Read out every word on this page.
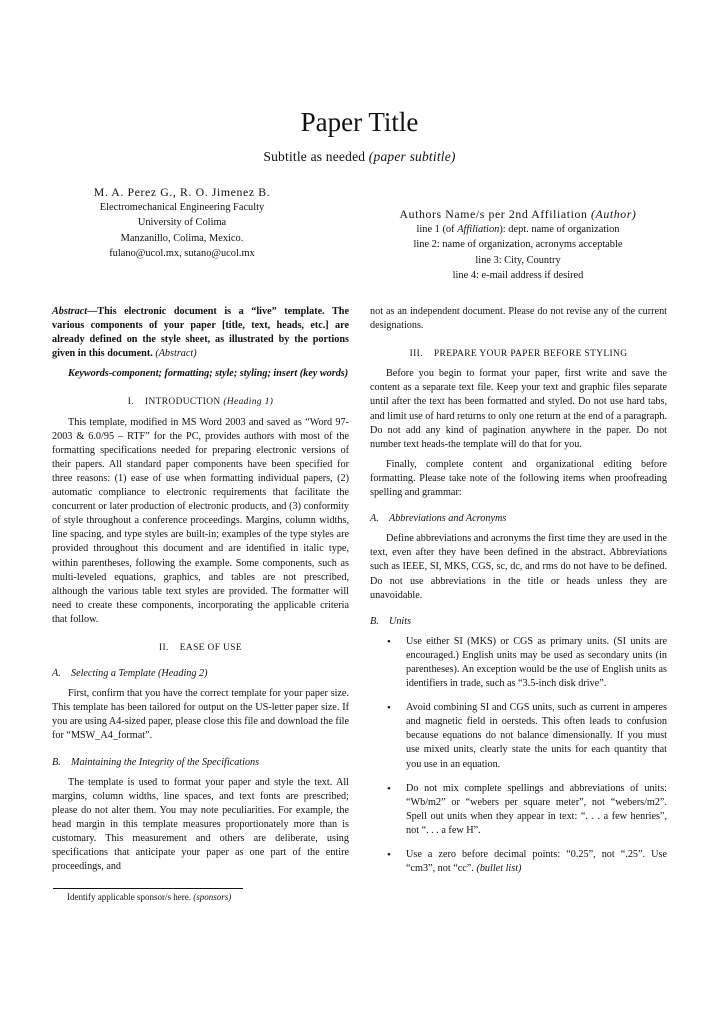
Paper Title
Subtitle as needed (paper subtitle)
M. A. Perez G., R. O. Jimenez B.
Electromechanical Engineering Faculty
University of Colima
Manzanillo, Colima, Mexico.
fulano@ucol.mx, sutano@ucol.mx
Authors Name/s per 2nd Affiliation (Author)
line 1 (of Affiliation): dept. name of organization
line 2: name of organization, acronyms acceptable
line 3: City, Country
line 4: e-mail address if desired

Abstract—This electronic document is a “live” template. The various components of your paper [title, text, heads, etc.] are already defined on the style sheet, as illustrated by the portions given in this document. (Abstract)

Keywords-component; formatting; style; styling; insert (key words)

I. INTRODUCTION (Heading 1)

This template, modified in MS Word 2003 and saved as “Word 97-2003 & 6.0/95 – RTF” for the PC, provides authors with most of the formatting specifications needed for preparing electronic versions of their papers. All standard paper components have been specified for three reasons: (1) ease of use when formatting individual papers, (2) automatic compliance to electronic requirements that facilitate the concurrent or later production of electronic products, and (3) conformity of style throughout a conference proceedings. Margins, column widths, line spacing, and type styles are built-in; examples of the type styles are provided throughout this document and are identified in italic type, within parentheses, following the example. Some components, such as multi-leveled equations, graphics, and tables are not prescribed, although the various table text styles are provided. The formatter will need to create these components, incorporating the applicable criteria that follow.

II. EASE OF USE

A. Selecting a Template (Heading 2)

First, confirm that you have the correct template for your paper size. This template has been tailored for output on the US-letter paper size. If you are using A4-sized paper, please close this file and download the file for “MSW_A4_format”.

B. Maintaining the Integrity of the Specifications

The template is used to format your paper and style the text. All margins, column widths, line spaces, and text fonts are prescribed; please do not alter them. You may note peculiarities. For example, the head margin in this template measures proportionately more than is customary. This measurement and others are deliberate, using specifications that anticipate your paper as one part of the entire proceedings, and

not as an independent document. Please do not revise any of the current designations.

III. PREPARE YOUR PAPER BEFORE STYLING

Before you begin to format your paper, first write and save the content as a separate text file. Keep your text and graphic files separate until after the text has been formatted and styled. Do not use hard tabs, and limit use of hard returns to only one return at the end of a paragraph. Do not add any kind of pagination anywhere in the paper. Do not number text heads-the template will do that for you.

Finally, complete content and organizational editing before formatting. Please take note of the following items when proofreading spelling and grammar:

A. Abbreviations and Acronyms

Define abbreviations and acronyms the first time they are used in the text, even after they have been defined in the abstract. Abbreviations such as IEEE, SI, MKS, CGS, sc, dc, and rms do not have to be defined. Do not use abbreviations in the title or heads unless they are unavoidable.

B. Units

• Use either SI (MKS) or CGS as primary units. (SI units are encouraged.) English units may be used as secondary units (in parentheses). An exception would be the use of English units as identifiers in trade, such as “3.5-inch disk drive”.
• Avoid combining SI and CGS units, such as current in amperes and magnetic field in oersteds. This often leads to confusion because equations do not balance dimensionally. If you must use mixed units, clearly state the units for each quantity that you use in an equation.
• Do not mix complete spellings and abbreviations of units: “Wb/m2” or “webers per square meter”, not “webers/m2”. Spell out units when they appear in text: “. . . a few henries”, not “. . . a few H”.
• Use a zero before decimal points: “0.25”, not “.25”. Use “cm3”, not “cc”. (bullet list)
Identify applicable sponsor/s here. (sponsors)
